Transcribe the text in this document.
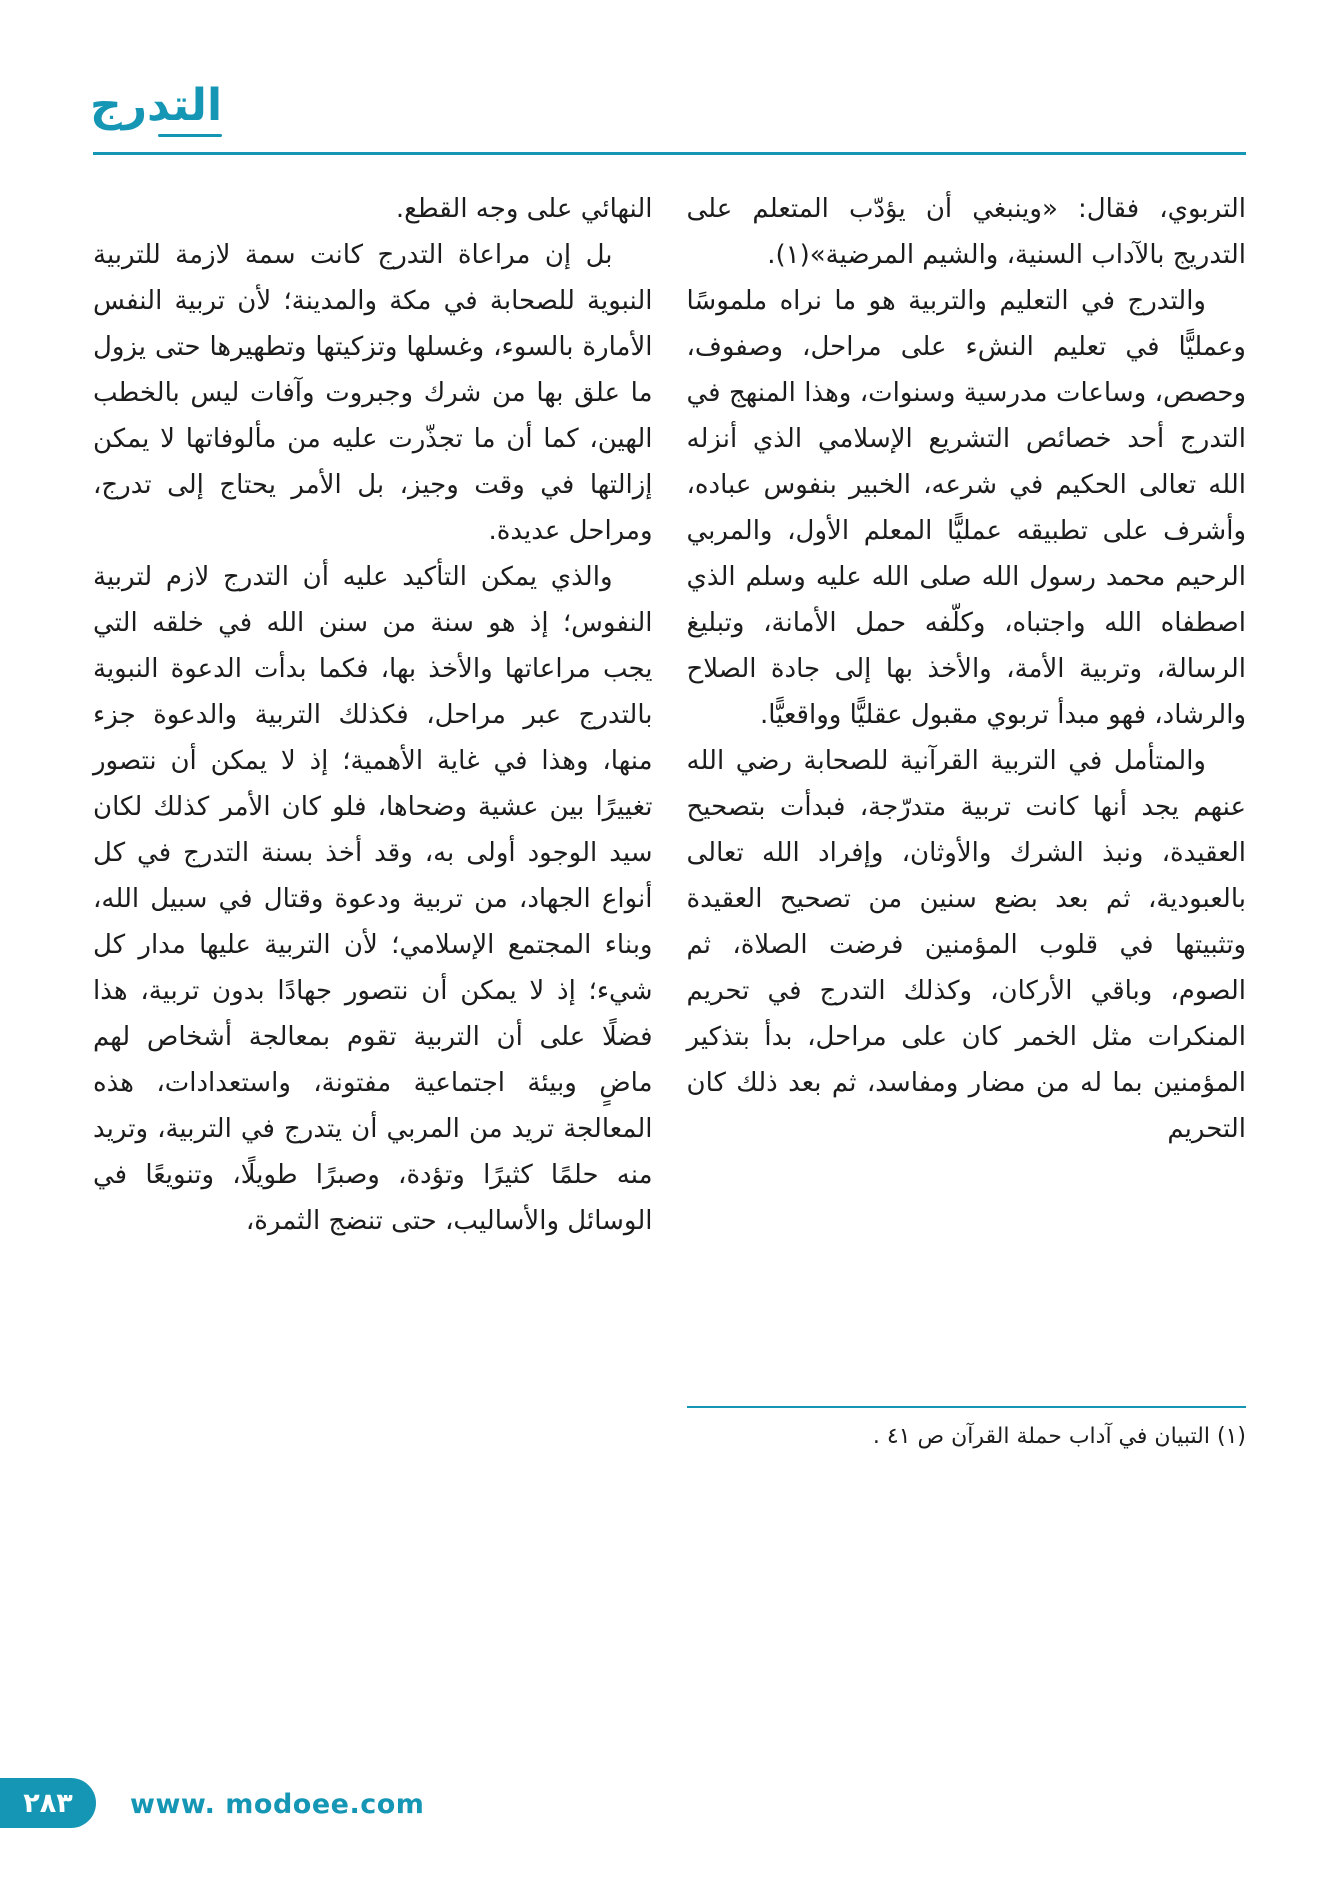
التدرج

التربوي، فقال: «وينبغي أن يؤدّب المتعلم على التدريج بالآداب السنية، والشيم المرضية»(١).

والتدرج في التعليم والتربية هو ما نراه ملموسًا وعمليًّا في تعليم النشء على مراحل، وصفوف، وحصص، وساعات مدرسية وسنوات، وهذا المنهج في التدرج أحد خصائص التشريع الإسلامي الذي أنزله الله تعالى الحكيم في شرعه، الخبير بنفوس عباده، وأشرف على تطبيقه عمليًّا المعلم الأول، والمربي الرحيم محمد رسول الله صلى الله عليه وسلم الذي اصطفاه الله واجتباه، وكلّفه حمل الأمانة، وتبليغ الرسالة، وتربية الأمة، والأخذ بها إلى جادة الصلاح والرشاد، فهو مبدأ تربوي مقبول عقليًّا وواقعيًّا.

والمتأمل في التربية القرآنية للصحابة رضي الله عنهم يجد أنها كانت تربية متدرّجة، فبدأت بتصحيح العقيدة، ونبذ الشرك والأوثان، وإفراد الله تعالى بالعبودية، ثم بعد بضع سنين من تصحيح العقيدة وتثبيتها في قلوب المؤمنين فرضت الصلاة، ثم الصوم، وباقي الأركان، وكذلك التدرج في تحريم المنكرات مثل الخمر كان على مراحل، بدأ بتذكير المؤمنين بما له من مضار ومفاسد، ثم بعد ذلك كان التحريم

(١) التبيان في آداب حملة القرآن ص ٤١ .

النهائي على وجه القطع.

بل إن مراعاة التدرج كانت سمة لازمة للتربية النبوية للصحابة في مكة والمدينة؛ لأن تربية النفس الأمارة بالسوء، وغسلها وتزكيتها وتطهيرها حتى يزول ما علق بها من شرك وجبروت وآفات ليس بالخطب الهين، كما أن ما تجذّرت عليه من مألوفاتها لا يمكن إزالتها في وقت وجيز، بل الأمر يحتاج إلى تدرج، ومراحل عديدة.

والذي يمكن التأكيد عليه أن التدرج لازم لتربية النفوس؛ إذ هو سنة من سنن الله في خلقه التي يجب مراعاتها والأخذ بها، فكما بدأت الدعوة النبوية بالتدرج عبر مراحل، فكذلك التربية والدعوة جزء منها، وهذا في غاية الأهمية؛ إذ لا يمكن أن نتصور تغييرًا بين عشية وضحاها، فلو كان الأمر كذلك لكان سيد الوجود أولى به، وقد أخذ بسنة التدرج في كل أنواع الجهاد، من تربية ودعوة وقتال في سبيل الله، وبناء المجتمع الإسلامي؛ لأن التربية عليها مدار كل شيء؛ إذ لا يمكن أن نتصور جهادًا بدون تربية، هذا فضلًا على أن التربية تقوم بمعالجة أشخاص لهم ماضٍ وبيئة اجتماعية مفتونة، واستعدادات، هذه المعالجة تريد من المربي أن يتدرج في التربية، وتريد منه حلمًا كثيرًا وتؤدة، وصبرًا طويلًا، وتنويعًا في الوسائل والأساليب، حتى تنضج الثمرة،

٢٨٣ www. modoee.com
